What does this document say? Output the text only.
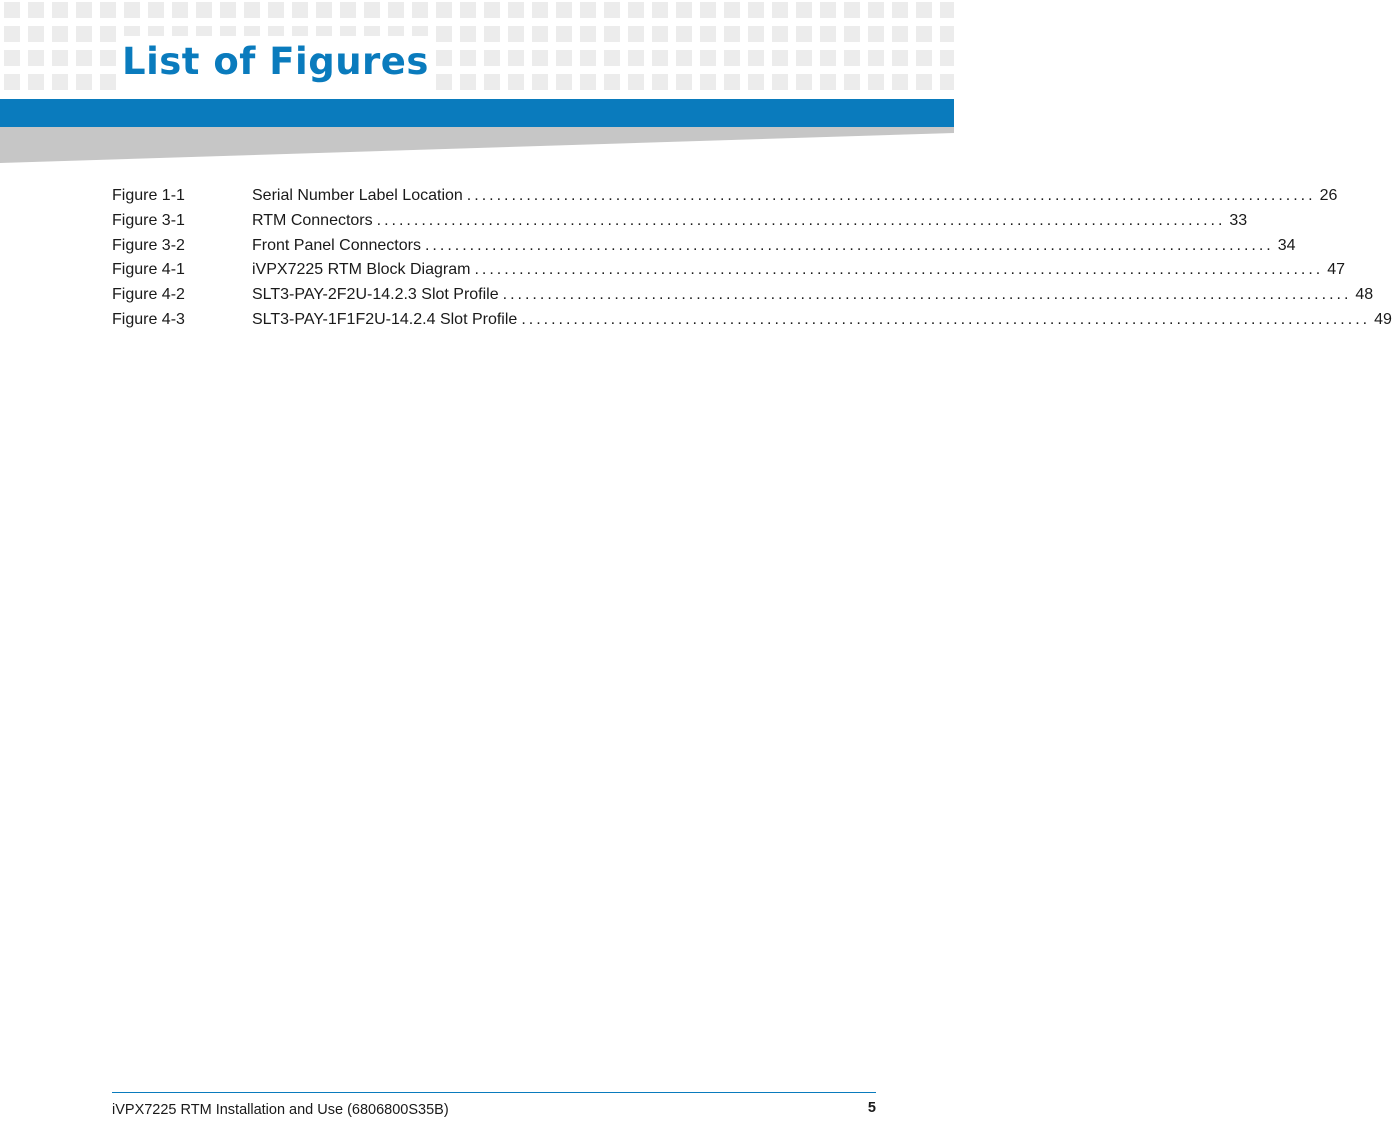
List of Figures
Figure 1-1	Serial Number Label Location .................................................................................................................. 26
Figure 3-1	RTM Connectors .................................................................................................................. 33
Figure 3-2	Front Panel Connectors .................................................................................................................. 34
Figure 4-1	iVPX7225 RTM Block Diagram .................................................................................................................. 47
Figure 4-2	SLT3-PAY-2F2U-14.2.3 Slot Profile .................................................................................................................. 48
Figure 4-3	SLT3-PAY-1F1F2U-14.2.4 Slot Profile .................................................................................................................. 49
iVPX7225 RTM Installation and Use (6806800S35B)	5
